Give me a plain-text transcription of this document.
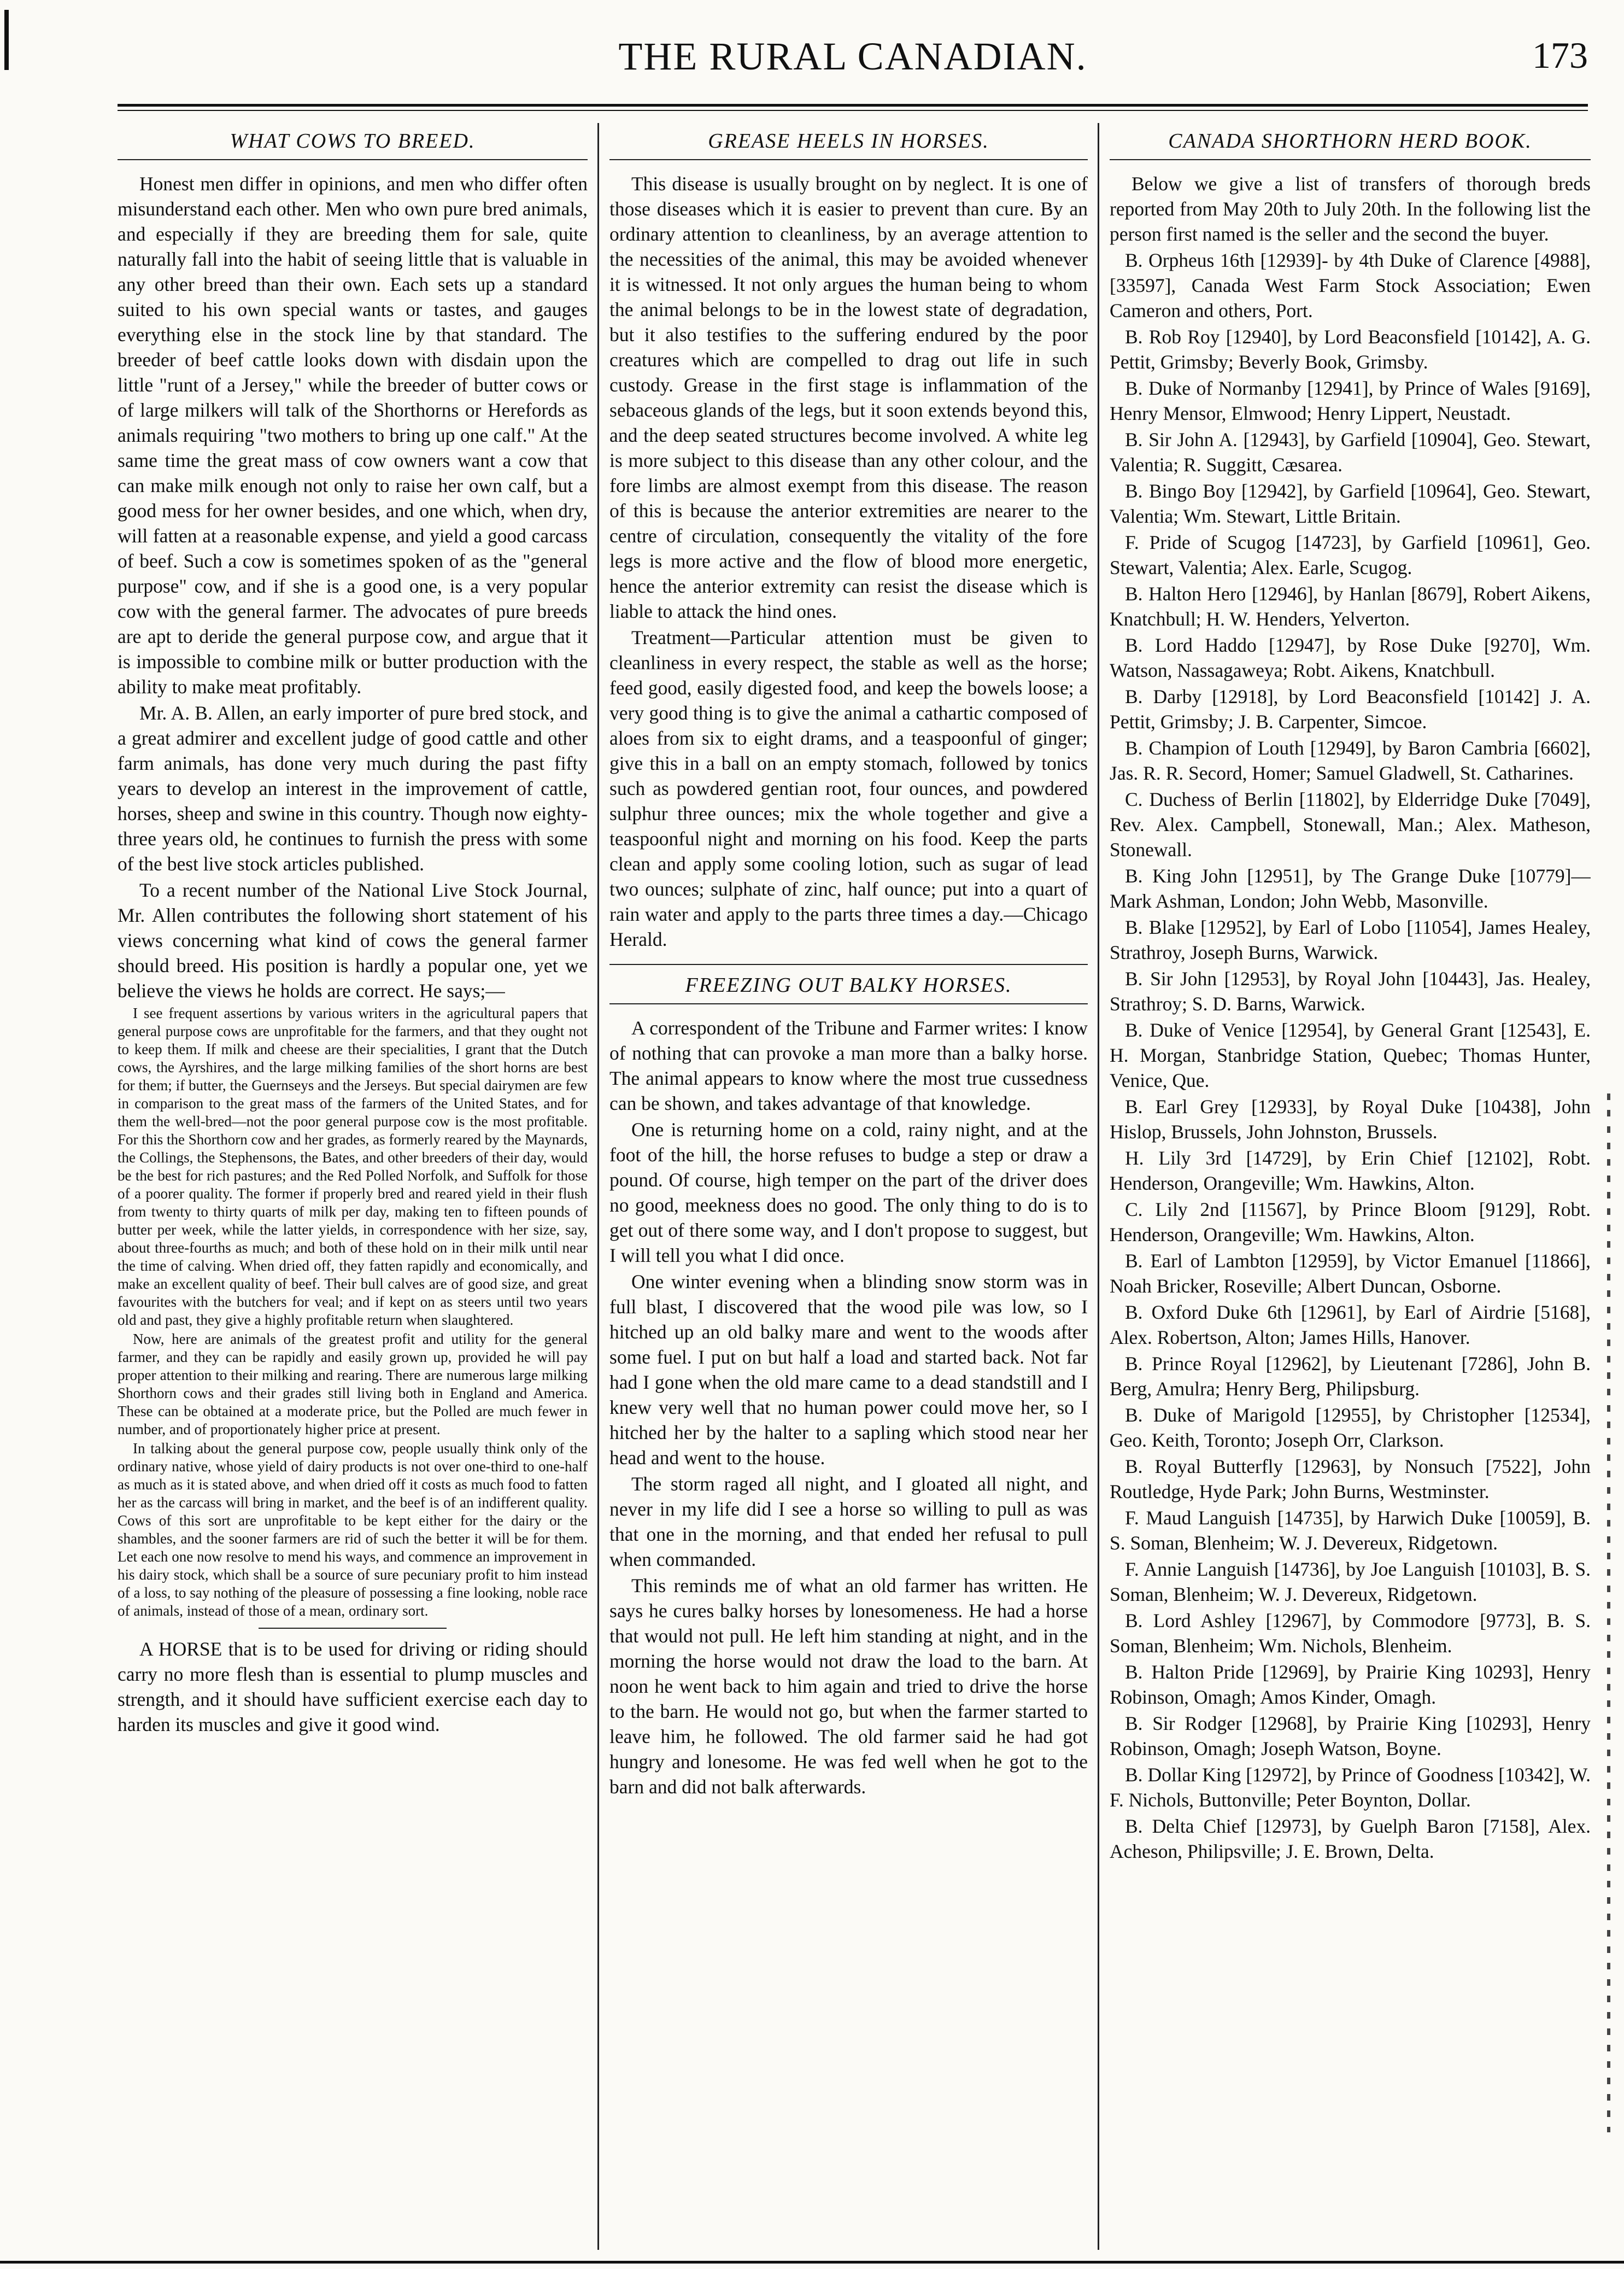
THE RURAL CANADIAN.	173
WHAT COWS TO BREED.

Honest men differ in opinions, and men who differ often misunderstand each other. Men who own pure bred animals, and especially if they are breeding them for sale, quite naturally fall into the habit of seeing little that is valuable in any other breed than their own. Each sets up a standard suited to his own special wants or tastes, and gauges everything else in the stock line by that standard. The breeder of beef cattle looks down with disdain upon the little "runt of a Jersey," while the breeder of butter cows or of large milkers will talk of the Shorthorns or Herefords as animals requiring "two mothers to bring up one calf." At the same time the great mass of cow owners want a cow that can make milk enough not only to raise her own calf, but a good mess for her owner besides, and one which, when dry, will fatten at a reasonable expense, and yield a good carcass of beef. Such a cow is sometimes spoken of as the "general purpose" cow, and if she is a good one, is a very popular cow with the general farmer. The advocates of pure breeds are apt to deride the general purpose cow, and argue that it is impossible to combine milk or butter production with the ability to make meat profitably.

Mr. A. B. Allen, an early importer of pure bred stock, and a great admirer and excellent judge of good cattle and other farm animals, has done very much during the past fifty years to develop an interest in the improvement of cattle, horses, sheep and swine in this country. Though now eighty-three years old, he continues to furnish the press with some of the best live stock articles published.

To a recent number of the National Live Stock Journal, Mr. Allen contributes the following short statement of his views concerning what kind of cows the general farmer should breed. His position is hardly a popular one, yet we believe the views he holds are correct. He says;—

I see frequent assertions by various writers in the agricultural papers that general purpose cows are unprofitable for the farmers, and that they ought not to keep them. If milk and cheese are their specialities, I grant that the Dutch cows, the Ayrshires, and the large milking families of the short horns are best for them; if butter, the Guernseys and the Jerseys. But special dairymen are few in comparison to the great mass of the farmers of the United States, and for them the well-bred—not the poor general purpose cow is the most profitable. For this the Shorthorn cow and her grades, as formerly reared by the Maynards, the Collings, the Stephensons, the Bates, and other breeders of their day, would be the best for rich pastures; and the Red Polled Norfolk, and Suffolk for those of a poorer quality. The former if properly bred and reared yield in their flush from twenty to thirty quarts of milk per day, making ten to fifteen pounds of butter per week, while the latter yields, in correspondence with her size, say, about three-fourths as much; and both of these hold on in their milk until near the time of calving. When dried off, they fatten rapidly and economically, and make an excellent quality of beef. Their bull calves are of good size, and great favourites with the butchers for veal; and if kept on as steers until two years old and past, they give a highly profitable return when slaughtered.

Now, here are animals of the greatest profit and utility for the general farmer, and they can be rapidly and easily grown up, provided he will pay proper attention to their milking and rearing. There are numerous large milking Shorthorn cows and their grades still living both in England and America. These can be obtained at a moderate price, but the Polled are much fewer in number, and of proportionately higher price at present.

In talking about the general purpose cow, people usually think only of the ordinary native, whose yield of dairy products is not over one-third to one-half as much as it is stated above, and when dried off it costs as much food to fatten her as the carcass will bring in market, and the beef is of an indifferent quality. Cows of this sort are unprofitable to be kept either for the dairy or the shambles, and the sooner farmers are rid of such the better it will be for them. Let each one now resolve to mend his ways, and commence an improvement in his dairy stock, which shall be a source of sure pecuniary profit to him instead of a loss, to say nothing of the pleasure of possessing a fine looking, noble race of animals, instead of those of a mean, ordinary sort.

A HORSE that is to be used for driving or riding should carry no more flesh than is essential to plump muscles and strength, and it should have sufficient exercise each day to harden its muscles and give it good wind.

GREASE HEELS IN HORSES.

This disease is usually brought on by neglect. It is one of those diseases which it is easier to prevent than cure. By an ordinary attention to cleanliness, by an average attention to the necessities of the animal, this may be avoided whenever it is witnessed. It not only argues the human being to whom the animal belongs to be in the lowest state of degradation, but it also testifies to the suffering endured by the poor creatures which are compelled to drag out life in such custody. Grease in the first stage is inflammation of the sebaceous glands of the legs, but it soon extends beyond this, and the deep seated structures become involved. A white leg is more subject to this disease than any other colour, and the fore limbs are almost exempt from this disease. The reason of this is because the anterior extremities are nearer to the centre of circulation, consequently the vitality of the fore legs is more active and the flow of blood more energetic, hence the anterior extremity can resist the disease which is liable to attack the hind ones.

Treatment—Particular attention must be given to cleanliness in every respect, the stable as well as the horse; feed good, easily digested food, and keep the bowels loose; a very good thing is to give the animal a cathartic composed of aloes from six to eight drams, and a teaspoonful of ginger; give this in a ball on an empty stomach, followed by tonics such as powdered gentian root, four ounces, and powdered sulphur three ounces; mix the whole together and give a teaspoonful night and morning on his food. Keep the parts clean and apply some cooling lotion, such as sugar of lead two ounces; sulphate of zinc, half ounce; put into a quart of rain water and apply to the parts three times a day.—Chicago Herald.

FREEZING OUT BALKY HORSES.

A correspondent of the Tribune and Farmer writes: I know of nothing that can provoke a man more than a balky horse. The animal appears to know where the most true cussedness can be shown, and takes advantage of that knowledge.

One is returning home on a cold, rainy night, and at the foot of the hill, the horse refuses to budge a step or draw a pound. Of course, high temper on the part of the driver does no good, meekness does no good. The only thing to do is to get out of there some way, and I don't propose to suggest, but I will tell you what I did once.

One winter evening when a blinding snow storm was in full blast, I discovered that the wood pile was low, so I hitched up an old balky mare and went to the woods after some fuel. I put on but half a load and started back. Not far had I gone when the old mare came to a dead standstill and I knew very well that no human power could move her, so I hitched her by the halter to a sapling which stood near her head and went to the house.

The storm raged all night, and I gloated all night, and never in my life did I see a horse so willing to pull as was that one in the morning, and that ended her refusal to pull when commanded.

This reminds me of what an old farmer has written. He says he cures balky horses by lonesomeness. He had a horse that would not pull. He left him standing at night, and in the morning the horse would not draw the load to the barn. At noon he went back to him again and tried to drive the horse to the barn. He would not go, but when the farmer started to leave him, he followed. The old farmer said he had got hungry and lonesome. He was fed well when he got to the barn and did not balk afterwards.

CANADA SHORTHORN HERD BOOK.

Below we give a list of transfers of thorough breds reported from May 20th to July 20th. In the following list the person first named is the seller and the second the buyer.

B. Orpheus 16th [12939]- by 4th Duke of Clarence [4988], [33597], Canada West Farm Stock Association; Ewen Cameron and others, Port.

B. Rob Roy [12940], by Lord Beaconsfield [10142], A. G. Pettit, Grimsby; Beverly Book, Grimsby.

B. Duke of Normanby [12941], by Prince of Wales [9169], Henry Mensor, Elmwood; Henry Lippert, Neustadt.

B. Sir John A. [12943], by Garfield [10904], Geo. Stewart, Valentia; R. Suggitt, Cæsarea.

B. Bingo Boy [12942], by Garfield [10964], Geo. Stewart, Valentia; Wm. Stewart, Little Britain.

F. Pride of Scugog [14723], by Garfield [10961], Geo. Stewart, Valentia; Alex. Earle, Scugog.

B. Halton Hero [12946], by Hanlan [8679], Robert Aikens, Knatchbull; H. W. Henders, Yelverton.

B. Lord Haddo [12947], by Rose Duke [9270], Wm. Watson, Nassagaweya; Robt. Aikens, Knatchbull.

B. Darby [12918], by Lord Beaconsfield [10142] J. A. Pettit, Grimsby; J. B. Carpenter, Simcoe.

B. Champion of Louth [12949], by Baron Cambria [6602], Jas. R. R. Secord, Homer; Samuel Gladwell, St. Catharines.

C. Duchess of Berlin [11802], by Elderridge Duke [7049], Rev. Alex. Campbell, Stonewall, Man.; Alex. Matheson, Stonewall.

B. King John [12951], by The Grange Duke [10779]—Mark Ashman, London; John Webb, Masonville.

B. Blake [12952], by Earl of Lobo [11054], James Healey, Strathroy, Joseph Burns, Warwick.

B. Sir John [12953], by Royal John [10443], Jas. Healey, Strathroy; S. D. Barns, Warwick.

B. Duke of Venice [12954], by General Grant [12543], E. H. Morgan, Stanbridge Station, Quebec; Thomas Hunter, Venice, Que.

B. Earl Grey [12933], by Royal Duke [10438], John Hislop, Brussels, John Johnston, Brussels.

H. Lily 3rd [14729], by Erin Chief [12102], Robt. Henderson, Orangeville; Wm. Hawkins, Alton.

C. Lily 2nd [11567], by Prince Bloom [9129], Robt. Henderson, Orangeville; Wm. Hawkins, Alton.

B. Earl of Lambton [12959], by Victor Emanuel [11866], Noah Bricker, Roseville; Albert Duncan, Osborne.

B. Oxford Duke 6th [12961], by Earl of Airdrie [5168], Alex. Robertson, Alton; James Hills, Hanover.

B. Prince Royal [12962], by Lieutenant [7286], John B. Berg, Amulra; Henry Berg, Philipsburg.

B. Duke of Marigold [12955], by Christopher [12534], Geo. Keith, Toronto; Joseph Orr, Clarkson.

B. Royal Butterfly [12963], by Nonsuch [7522], John Routledge, Hyde Park; John Burns, Westminster.

F. Maud Languish [14735], by Harwich Duke [10059], B. S. Soman, Blenheim; W. J. Devereux, Ridgetown.

F. Annie Languish [14736], by Joe Languish [10103], B. S. Soman, Blenheim; W. J. Devereux, Ridgetown.

B. Lord Ashley [12967], by Commodore [9773], B. S. Soman, Blenheim; Wm. Nichols, Blenheim.

B. Halton Pride [12969], by Prairie King 10293], Henry Robinson, Omagh; Amos Kinder, Omagh.

B. Sir Rodger [12968], by Prairie King [10293], Henry Robinson, Omagh; Joseph Watson, Boyne.

B. Dollar King [12972], by Prince of Goodness [10342], W. F. Nichols, Buttonville; Peter Boynton, Dollar.

B. Delta Chief [12973], by Guelph Baron [7158], Alex. Acheson, Philipsville; J. E. Brown, Delta.
